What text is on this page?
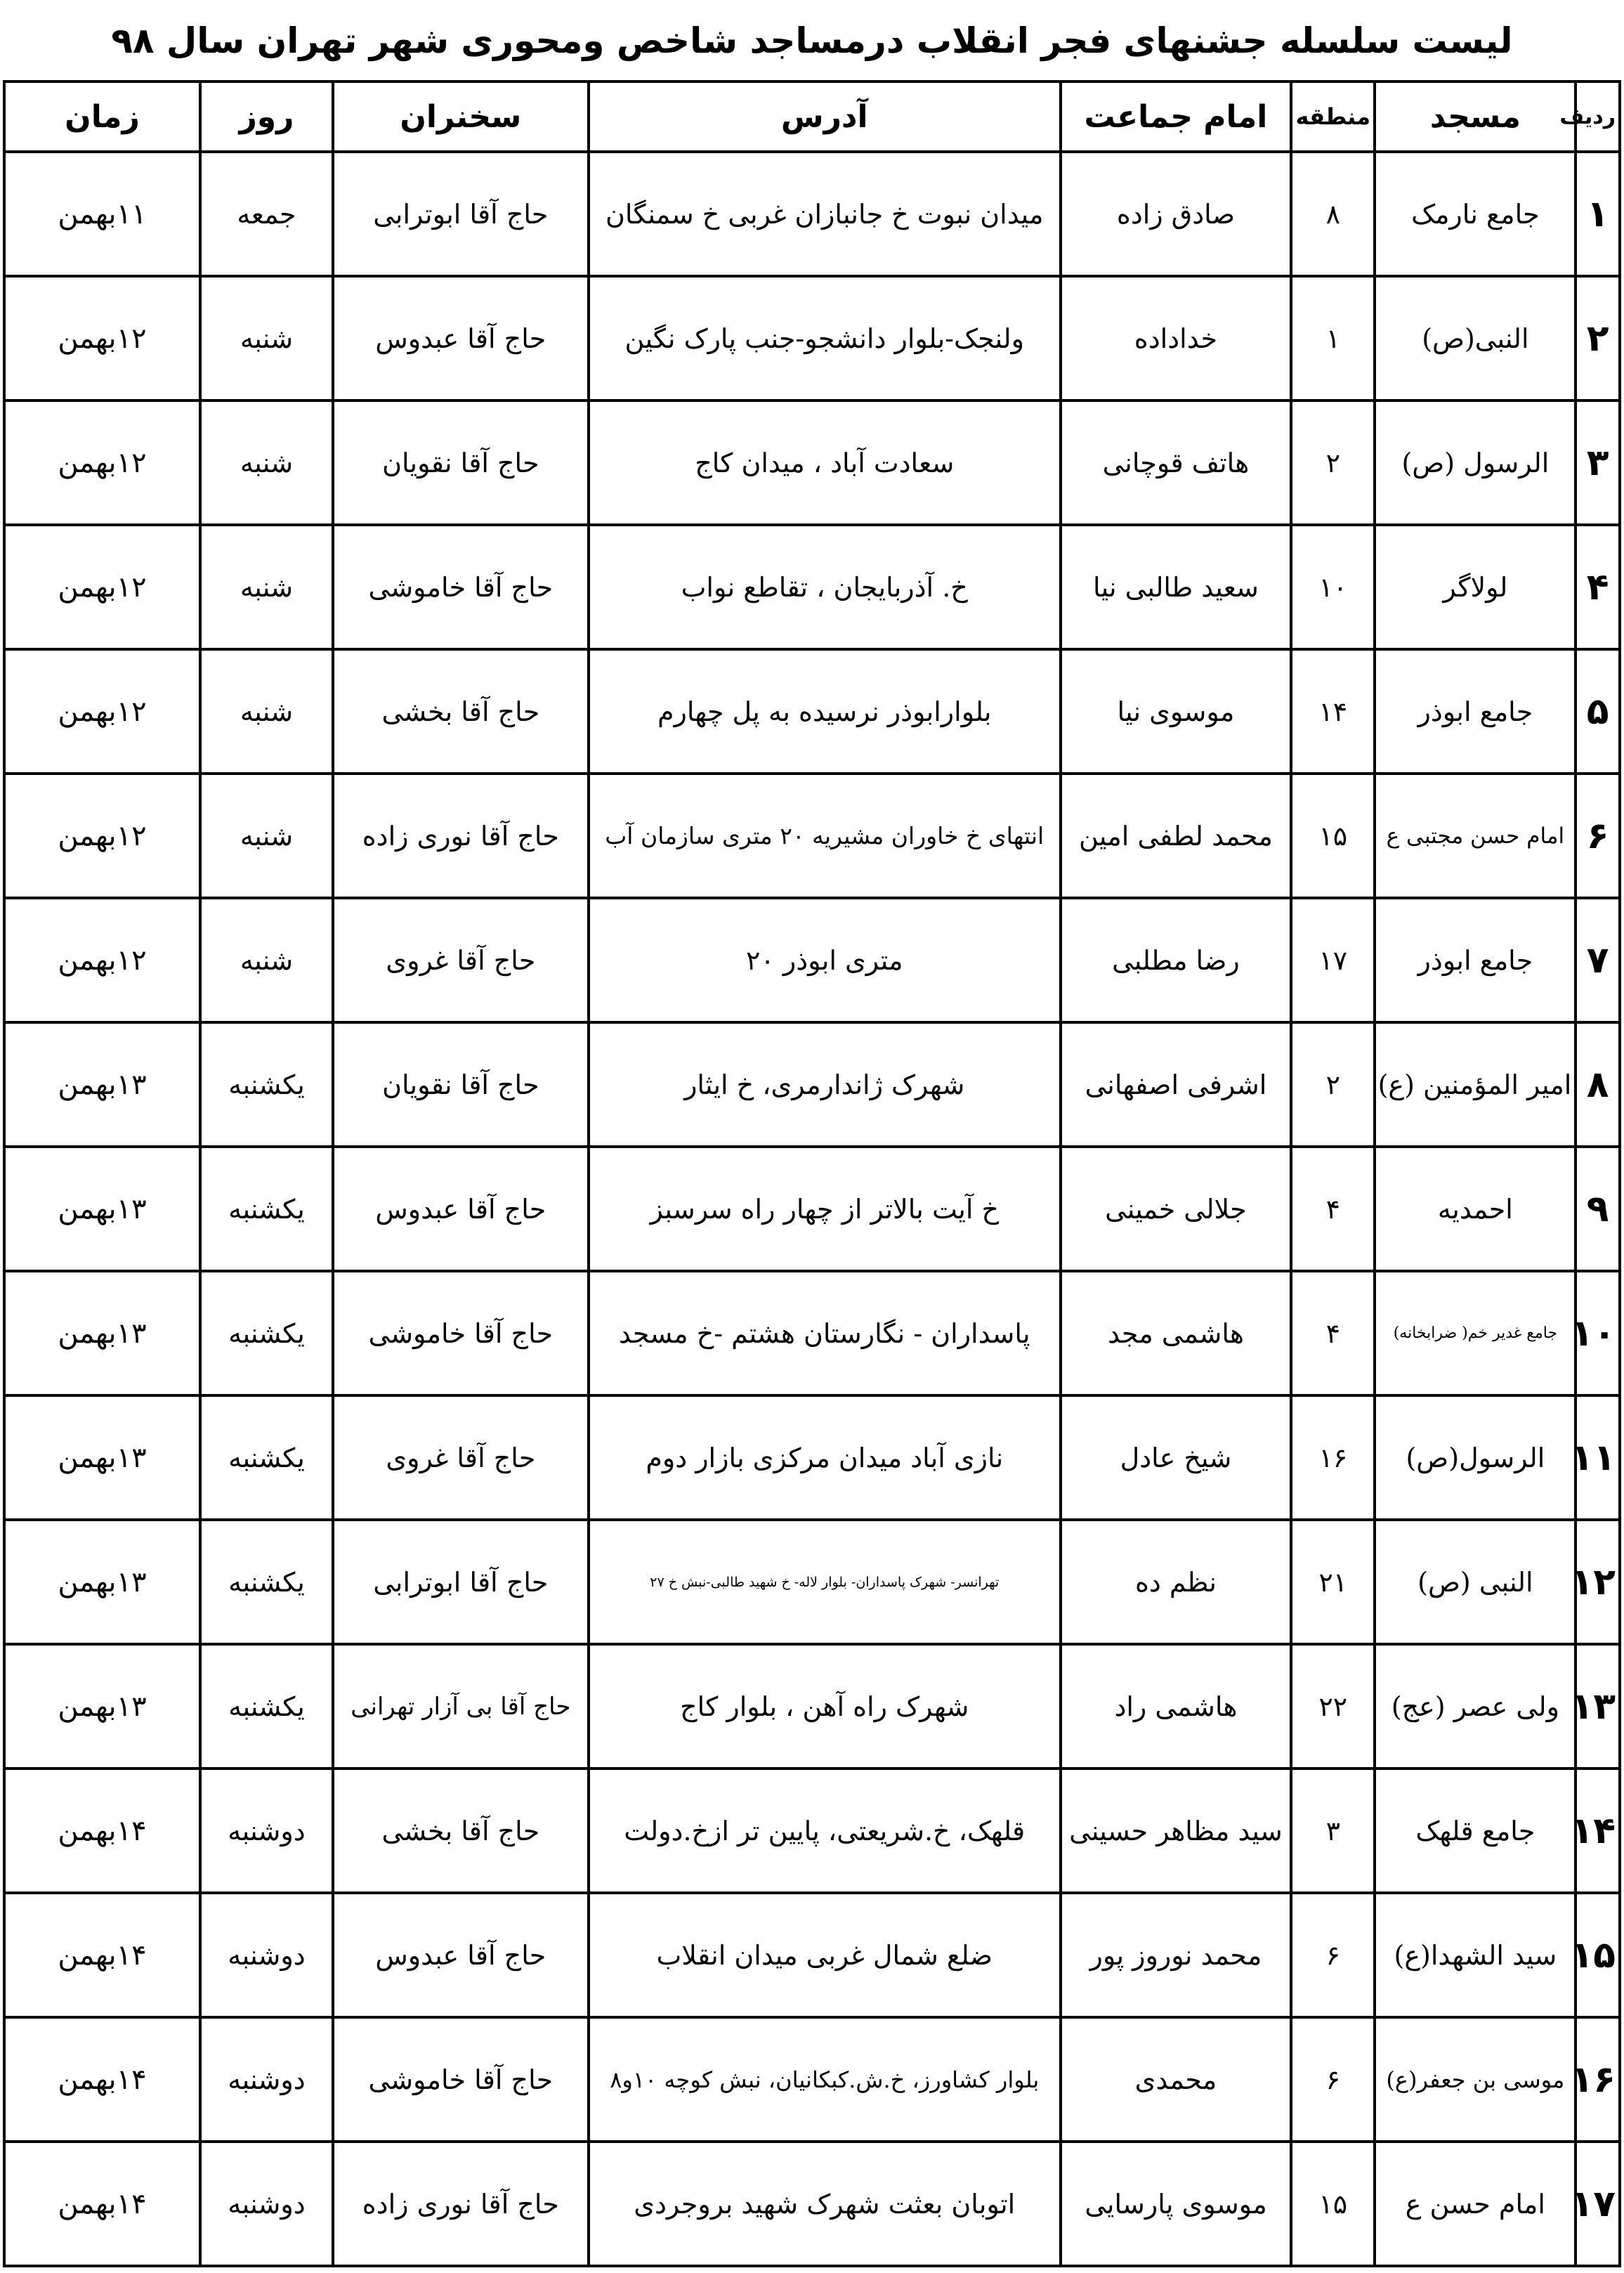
لیست سلسله جشنهای فجر انقلاب درمساجد شاخص ومحوری شهر تهران سال ۹۸
ردیف	مسجد	منطقه	امام جماعت	آدرس	سخنران	روز	زمان
۱	جامع نارمک	۸	صادق زاده	میدان نبوت خ جانبازان غربی خ سمنگان	حاج آقا ابوترابی	جمعه	۱۱بهمن
۲	النبی(ص)	۱	خداداده	ولنجک-بلوار دانشجو-جنب پارک نگین	حاج آقا عبدوس	شنبه	۱۲بهمن
۳	الرسول (ص)	۲	هاتف قوچانی	سعادت آباد ، میدان کاج	حاج آقا نقویان	شنبه	۱۲بهمن
۴	لولاگر	۱۰	سعید طالبی نیا	خ. آذربایجان ، تقاطع نواب	حاج آقا خاموشی	شنبه	۱۲بهمن
۵	جامع ابوذر	۱۴	موسوی نیا	بلوارابوذر نرسیده به پل چهارم	حاج آقا بخشی	شنبه	۱۲بهمن
۶	امام حسن مجتبی ع	۱۵	محمد لطفی امین	انتهای خ خاوران مشیریه ۲۰ متری سازمان آب	حاج آقا نوری زاده	شنبه	۱۲بهمن
۷	جامع ابوذر	۱۷	رضا مطلبی	متری ابوذر ۲۰	حاج آقا غروی	شنبه	۱۲بهمن
۸	امیر المؤمنین (ع)	۲	اشرفی اصفهانی	شهرک ژاندارمری، خ ایثار	حاج آقا نقویان	یکشنبه	۱۳بهمن
۹	احمدیه	۴	جلالی خمینی	خ آیت بالاتر از چهار راه سرسبز	حاج آقا عبدوس	یکشنبه	۱۳بهمن
۱۰	جامع غدیر خم( ضرابخانه)	۴	هاشمی مجد	پاسداران - نگارستان هشتم -خ مسجد	حاج آقا خاموشی	یکشنبه	۱۳بهمن
۱۱	الرسول(ص)	۱۶	شیخ عادل	نازی آباد میدان مرکزی بازار دوم	حاج آقا غروی	یکشنبه	۱۳بهمن
۱۲	النبی (ص)	۲۱	نظم ده	تهرانسر- شهرک پاسداران- بلوار لاله- خ شهید طالبی-نبش خ ۲۷	حاج آقا ابوترابی	یکشنبه	۱۳بهمن
۱۳	ولی عصر (عج)	۲۲	هاشمی راد	شهرک راه آهن ، بلوار کاج	حاج آقا بی آزار تهرانی	یکشنبه	۱۳بهمن
۱۴	جامع قلهک	۳	سید مظاهر حسینی	قلهک، خ.شریعتی، پایین تر ازخ.دولت	حاج آقا بخشی	دوشنبه	۱۴بهمن
۱۵	سید الشهدا(ع)	۶	محمد نوروز پور	ضلع شمال غربی میدان انقلاب	حاج آقا عبدوس	دوشنبه	۱۴بهمن
۱۶	موسی بن جعفر(ع)	۶	محمدی	بلوار کشاورز، خ.ش.کبکانیان، نبش کوچه ۱۰و۸	حاج آقا خاموشی	دوشنبه	۱۴بهمن
۱۷	امام حسن ع	۱۵	موسوی پارسایی	اتوبان بعثت شهرک شهید بروجردی	حاج آقا نوری زاده	دوشنبه	۱۴بهمن
